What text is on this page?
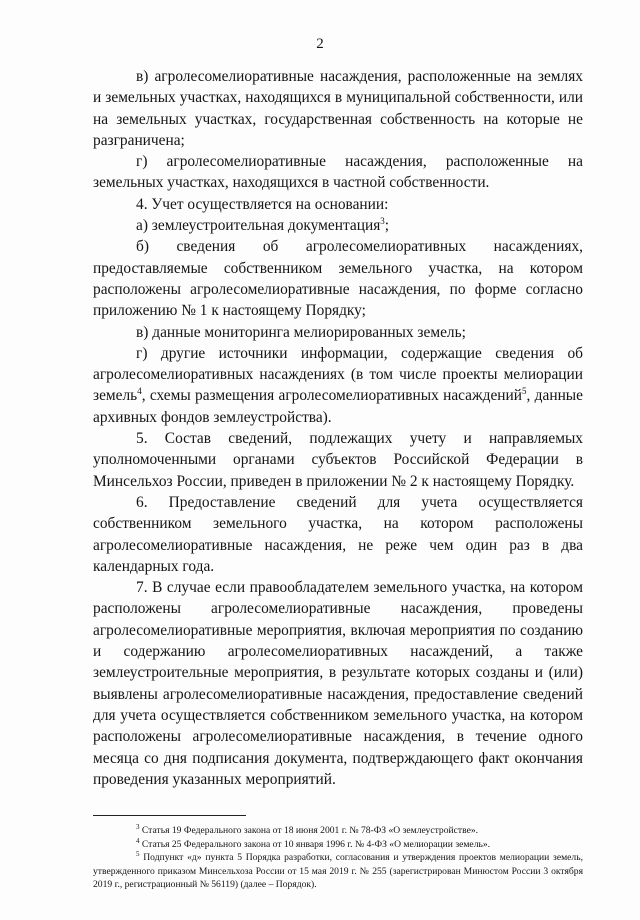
2

в) агролесомелиоративные насаждения, расположенные на землях и земельных участках, находящихся в муниципальной собственности, или на земельных участках, государственная собственность на которые не разграничена;

г) агролесомелиоративные насаждения, расположенные на земельных участках, находящихся в частной собственности.

4. Учет осуществляется на основании:

а) землеустроительная документация$^3$;

б) сведения об агролесомелиоративных насаждениях, предоставляемые собственником земельного участка, на котором расположены агролесомелиоративные насаждения, по форме согласно приложению № 1 к настоящему Порядку;

в) данные мониторинга мелиорированных земель;

г) другие источники информации, содержащие сведения об агролесомелиоративных насаждениях (в том числе проекты мелиорации земель$^4$, схемы размещения агролесомелиоративных насаждений$^5$, данные архивных фондов землеустройства).

5. Состав сведений, подлежащих учету и направляемых уполномоченными органами субъектов Российской Федерации в Минсельхоз России, приведен в приложении № 2 к настоящему Порядку.

6. Предоставление сведений для учета осуществляется собственником земельного участка, на котором расположены агролесомелиоративные насаждения, не реже чем один раз в два календарных года.

7. В случае если правообладателем земельного участка, на котором расположены агролесомелиоративные насаждения, проведены агролесомелиоративные мероприятия, включая мероприятия по созданию и содержанию агролесомелиоративных насаждений, а также землеустроительные мероприятия, в результате которых созданы и (или) выявлены агролесомелиоративные насаждения, предоставление сведений для учета осуществляется собственником земельного участка, на котором расположены агролесомелиоративные насаждения, в течение одного месяца со дня подписания документа, подтверждающего факт окончания проведения указанных мероприятий.

$^3$ Статья 19 Федерального закона от 18 июня 2001 г. № 78-ФЗ «О землеустройстве».

$^4$ Статья 25 Федерального закона от 10 января 1996 г. № 4-ФЗ «О мелиорации земель».

$^5$ Подпункт «д» пункта 5 Порядка разработки, согласования и утверждения проектов мелиорации земель, утвержденного приказом Минсельхоза России от 15 мая 2019 г. № 255 (зарегистрирован Минюстом России 3 октября 2019 г., регистрационный № 56119) (далее – Порядок).
